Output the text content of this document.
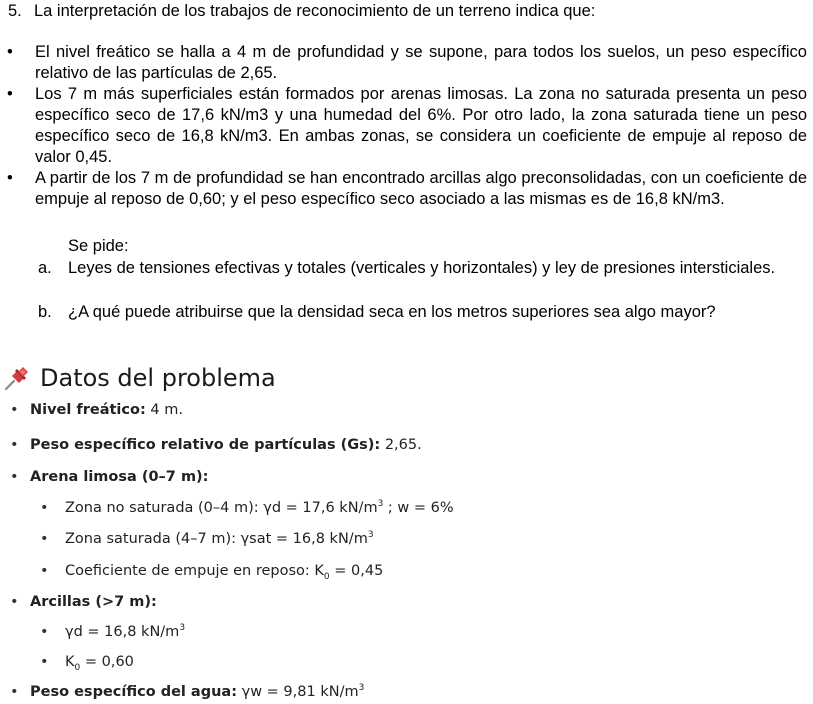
5. La interpretación de los trabajos de reconocimiento de un terreno indica que:
• El nivel freático se halla a 4 m de profundidad y se supone, para todos los suelos, un peso específico relativo de las partículas de 2,65.
• Los 7 m más superficiales están formados por arenas limosas. La zona no saturada presenta un peso específico seco de 17,6 kN/m3 y una humedad del 6%. Por otro lado, la zona saturada tiene un peso específico seco de 16,8 kN/m3. En ambas zonas, se considera un coeficiente de empuje al reposo de valor 0,45.
• A partir de los 7 m de profundidad se han encontrado arcillas algo preconsolidadas, con un coeficiente de empuje al reposo de 0,60; y el peso específico seco asociado a las mismas es de 16,8 kN/m3.
Se pide:
a. Leyes de tensiones efectivas y totales (verticales y horizontales) y ley de presiones intersticiales.
b. ¿A qué puede atribuirse que la densidad seca en los metros superiores sea algo mayor?
Datos del problema
• Nivel freático: 4 m.
• Peso específico relativo de partículas (Gs): 2,65.
• Arena limosa (0–7 m):
• Zona no saturada (0–4 m): γd = 17,6 $kN/m^3$ ; w = 6%
• Zona saturada (4–7 m): γsat = 16,8 $kN/m^3$
• Coeficiente de empuje en reposo: $K_0 = 0,45$
• Arcillas (>7 m):
• γd = 16,8 $kN/m^3$
• $K_0 = 0,60$
• Peso específico del agua: γw = 9,81 $kN/m^3$
